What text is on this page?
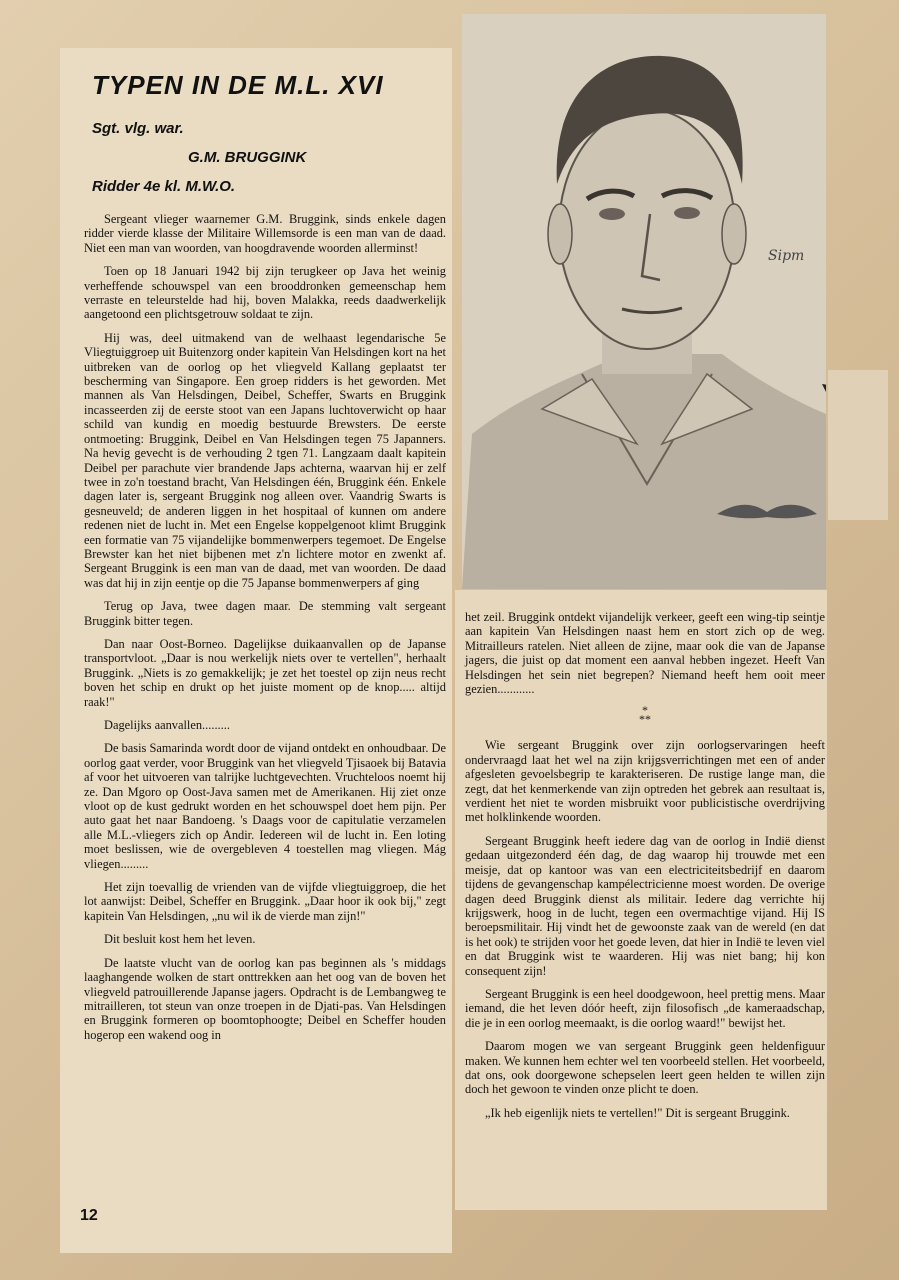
Sipm
TYPEN IN DE M.L. XVI
Sgt. vlg. war.
G.M. BRUGGINK
Ridder 4e kl. M.W.O.

Sergeant vlieger waarnemer G.M. Bruggink, sinds enkele dagen ridder vierde klasse der Militaire Willemsorde is een man van de daad. Niet een man van woorden, van hoogdravende woorden allerminst!

Toen op 18 Januari 1942 bij zijn terugkeer op Java het weinig verheffende schouwspel van een brooddronken gemeenschap hem verraste en teleurstelde had hij, boven Malakka, reeds daadwerkelijk aangetoond een plichtsgetrouw soldaat te zijn.

Hij was, deel uitmakend van de welhaast legendarische 5e Vliegtuiggroep uit Buitenzorg onder kapitein Van Helsdingen kort na het uitbreken van de oorlog op het vliegveld Kallang geplaatst ter bescherming van Singapore. Een groep ridders is het geworden. Met mannen als Van Helsdingen, Deibel, Scheffer, Swarts en Bruggink incasseerden zij de eerste stoot van een Japans luchtoverwicht op haar schild van kundig en moedig bestuurde Brewsters. De eerste ontmoeting: Bruggink, Deibel en Van Helsdingen tegen 75 Japanners. Na hevig gevecht is de verhouding 2 tgen 71. Langzaam daalt kapitein Deibel per parachute vier brandende Japs achterna, waarvan hij er zelf twee in zo'n toestand bracht, Van Helsdingen één, Bruggink één. Enkele dagen later is, sergeant Bruggink nog alleen over. Vaandrig Swarts is gesneuveld; de anderen liggen in het hospitaal of kunnen om andere redenen niet de lucht in. Met een Engelse koppelgenoot klimt Bruggink een formatie van 75 vijandelijke bommenwerpers tegemoet. De Engelse Brewster kan het niet bijbenen met z'n lichtere motor en zwenkt af. Sergeant Bruggink is een man van de daad, met van woorden. De daad was dat hij in zijn eentje op die 75 Japanse bommenwerpers af ging

Terug op Java, twee dagen maar. De stemming valt sergeant Bruggink bitter tegen.

Dan naar Oost-Borneo. Dagelijkse duikaanvallen op de Japanse transportvloot. „Daar is nou werkelijk niets over te vertellen", herhaalt Bruggink. „Niets is zo gemakkelijk; je zet het toestel op zijn neus recht boven het schip en drukt op het juiste moment op de knop..... altijd raak!"

Dagelijks aanvallen.........

De basis Samarinda wordt door de vijand ontdekt en onhoudbaar. De oorlog gaat verder, voor Bruggink van het vliegveld Tjisaoek bij Batavia af voor het uitvoeren van talrijke luchtgevechten. Vruchteloos noemt hij ze. Dan Mgoro op Oost-Java samen met de Amerikanen. Hij ziet onze vloot op de kust gedrukt worden en het schouwspel doet hem pijn. Per auto gaat het naar Bandoeng. 's Daags voor de capitulatie verzamelen alle M.L.-vliegers zich op Andir. Iedereen wil de lucht in. Een loting moet beslissen, wie de overgebleven 4 toestellen mag vliegen. Mág vliegen.........

Het zijn toevallig de vrienden van de vijfde vliegtuiggroep, die het lot aanwijst: Deibel, Scheffer en Bruggink. „Daar hoor ik ook bij," zegt kapitein Van Helsdingen, „nu wil ik de vierde man zijn!"

Dit besluit kost hem het leven.

De laatste vlucht van de oorlog kan pas beginnen als 's middags laaghangende wolken de start onttrekken aan het oog van de boven het vliegveld patrouillerende Japanse jagers. Opdracht is de Lembangweg te mitrailleren, tot steun van onze troepen in de Djati-pas. Van Helsdingen en Bruggink formeren op boomtophoogte; Deibel en Scheffer houden hogerop een wakend oog in

het zeil. Bruggink ontdekt vijandelijk verkeer, geeft een wing-tip seintje aan kapitein Van Helsdingen naast hem en stort zich op de weg. Mitrailleurs ratelen. Niet alleen de zijne, maar ook die van de Japanse jagers, die juist op dat moment een aanval hebben ingezet. Heeft Van Helsdingen het sein niet begrepen? Niemand heeft hem ooit meer gezien............

*
**

Wie sergeant Bruggink over zijn oorlogservaringen heeft ondervraagd laat het wel na zijn krijgsverrichtingen met een of ander afgesleten gevoelsbegrip te karakteriseren. De rustige lange man, die zegt, dat het kenmerkende van zijn optreden het gebrek aan resultaat is, verdient het niet te worden misbruikt voor publicistische overdrijving met holklinkende woorden.

Sergeant Bruggink heeft iedere dag van de oorlog in Indië dienst gedaan uitgezonderd één dag, de dag waarop hij trouwde met een meisje, dat op kantoor was van een electriciteitsbedrijf en daarom tijdens de gevangenschap kampélectricienne moest worden. De overige dagen deed Bruggink dienst als militair. Iedere dag verrichte hij krijgswerk, hoog in de lucht, tegen een overmachtige vijand. Hij IS beroepsmilitair. Hij vindt het de gewoonste zaak van de wereld (en dat is het ook) te strijden voor het goede leven, dat hier in Indië te leven viel en dat Bruggink wist te waarderen. Hij was niet bang; hij kon consequent zijn!

Sergeant Bruggink is een heel doodgewoon, heel prettig mens. Maar iemand, die het leven dóór heeft, zijn filosofisch „de kameraadschap, die je in een oorlog meemaakt, is die oorlog waard!" bewijst het.

Daarom mogen we van sergeant Bruggink geen heldenfiguur maken. We kunnen hem echter wel ten voorbeeld stellen. Het voorbeeld, dat ons, ook doorgewone schepselen leert geen helden te willen zijn doch het gewoon te vinden onze plicht te doen.

„Ik heb eigenlijk niets te vertellen!" Dit is sergeant Bruggink.

12
